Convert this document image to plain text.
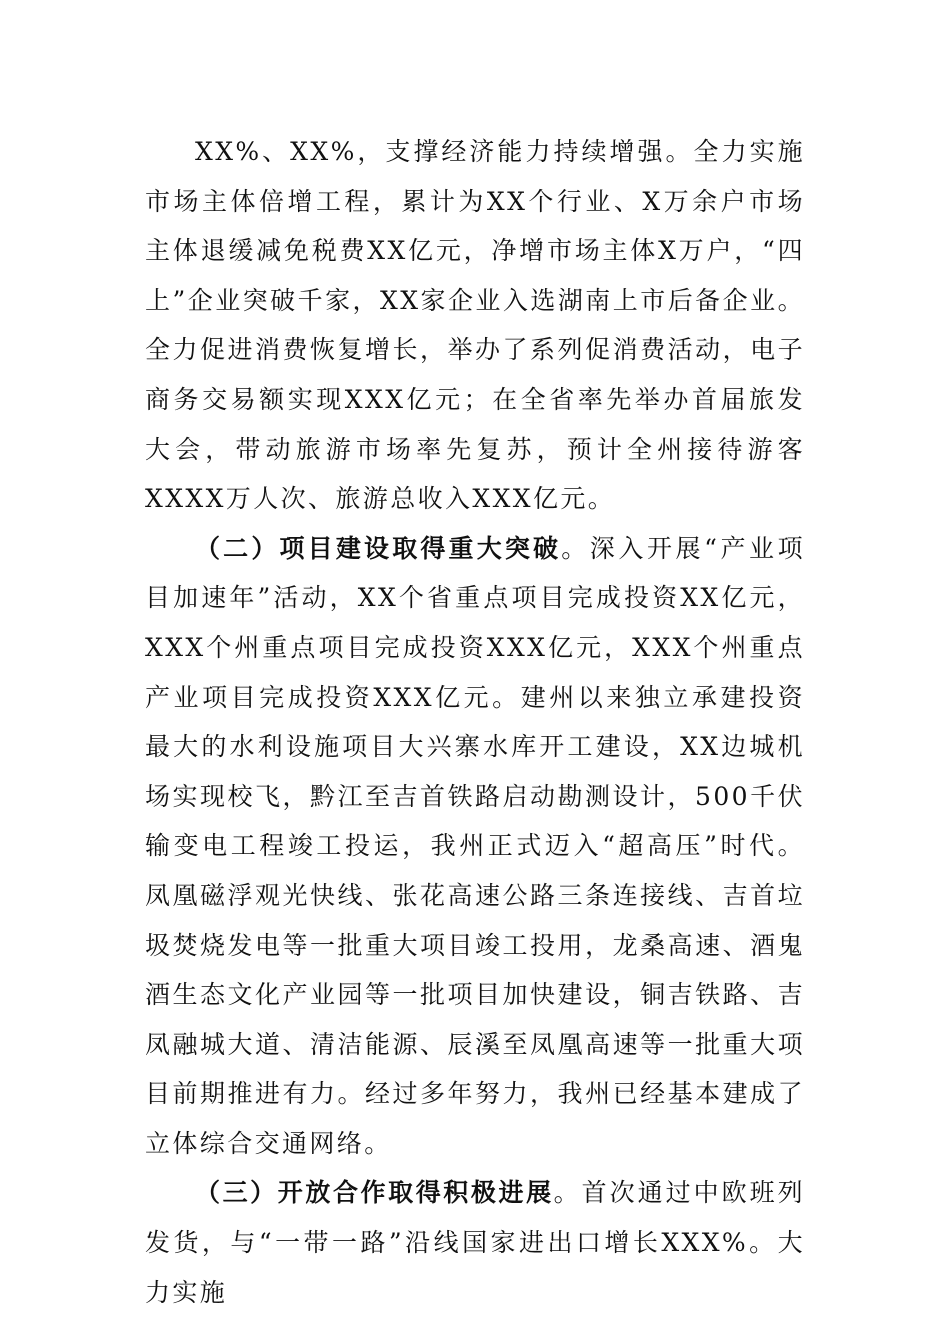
XX%、XX%，支撑经济能力持续增强。全力实施市场主体倍增工程，累计为XX个行业、X万余户市场主体退缓减免税费XX亿元，净增市场主体X万户，“四上”企业突破千家，XX家企业入选湖南上市后备企业。全力促进消费恢复增长，举办了系列促消费活动，电子商务交易额实现XXX亿元；在全省率先举办首届旅发大会，带动旅游市场率先复苏，预计全州接待游客XXXX万人次、旅游总收入XXX亿元。

（二）项目建设取得重大突破。深入开展“产业项目加速年”活动，XX个省重点项目完成投资XX亿元，XXX个州重点项目完成投资XXX亿元，XXX个州重点产业项目完成投资XXX亿元。建州以来独立承建投资最大的水利设施项目大兴寨水库开工建设，XX边城机场实现校飞，黔江至吉首铁路启动勘测设计，500千伏输变电工程竣工投运，我州正式迈入“超高压”时代。凤凰磁浮观光快线、张花高速公路三条连接线、吉首垃圾焚烧发电等一批重大项目竣工投用，龙桑高速、酒鬼酒生态文化产业园等一批项目加快建设，铜吉铁路、吉凤融城大道、清洁能源、辰溪至凤凰高速等一批重大项目前期推进有力。经过多年努力，我州已经基本建成了立体综合交通网络。

（三）开放合作取得积极进展。首次通过中欧班列发货，与“一带一路”沿线国家进出口增长XXX%。大力实施
